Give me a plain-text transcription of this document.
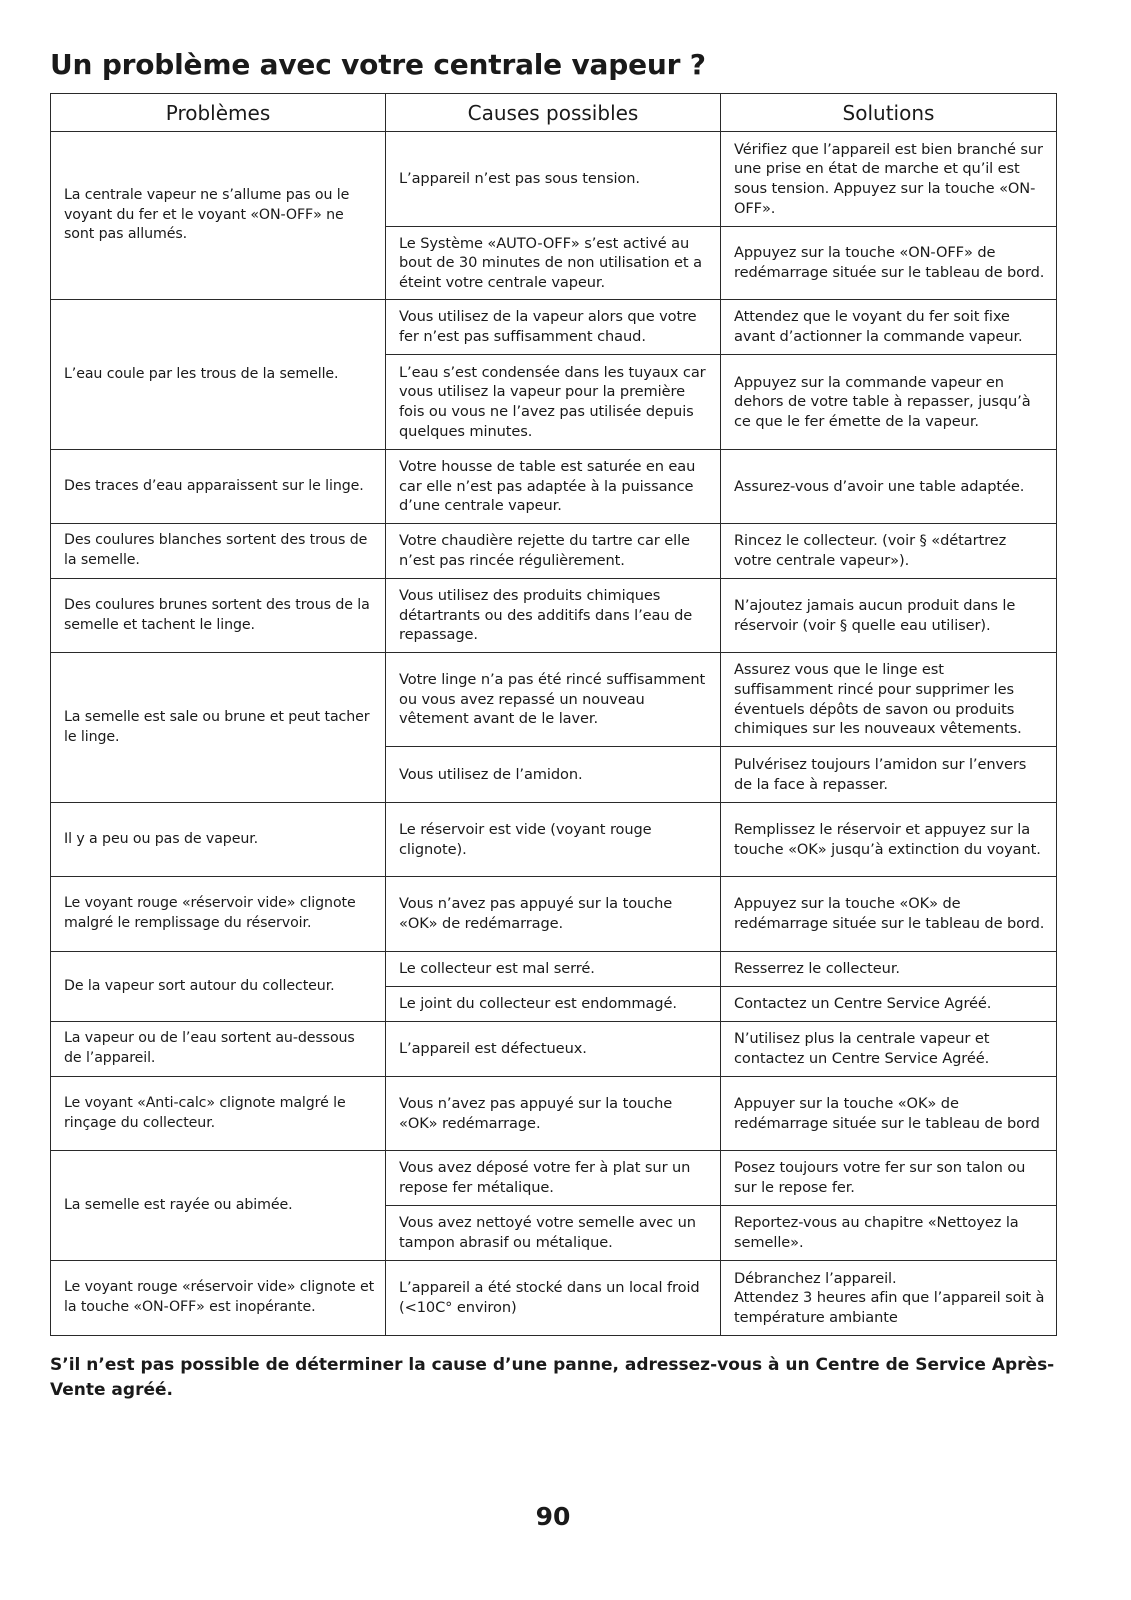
Un problème avec votre centrale vapeur ?
Problèmes	Causes possibles	Solutions
La centrale vapeur ne s’allume pas ou le voyant du fer et le voyant «ON-OFF» ne sont pas allumés.	L’appareil n’est pas sous tension.	Vérifiez que l’appareil est bien branché sur une prise en état de marche et qu’il est sous tension. Appuyez sur la touche «ON-OFF».
	Le Système «AUTO-OFF» s’est activé au bout de 30 minutes de non utilisation et a éteint votre centrale vapeur.	Appuyez sur la touche «ON-OFF» de redémarrage située sur le tableau de bord.
L’eau coule par les trous de la semelle.	Vous utilisez de la vapeur alors que votre fer n’est pas suffisamment chaud.	Attendez que le voyant du fer soit fixe avant d’actionner la commande vapeur.
	L’eau s’est condensée dans les tuyaux car vous utilisez la vapeur pour la première fois ou vous ne l’avez pas utilisée depuis quelques minutes.	Appuyez sur la commande vapeur en dehors de votre table à repasser, jusqu’à ce que le fer émette de la vapeur.
Des traces d’eau apparaissent sur le linge.	Votre housse de table est saturée en eau car elle n’est pas adaptée à la puissance d’une centrale vapeur.	Assurez-vous d’avoir une table adaptée.
Des coulures blanches sortent des trous de la semelle.	Votre chaudière rejette du tartre car elle n’est pas rincée régulièrement.	Rincez le collecteur. (voir § «détartrez votre centrale vapeur»).
Des coulures brunes sortent des trous de la semelle et tachent le linge.	Vous utilisez des produits chimiques détartrants ou des additifs dans l’eau de repassage.	N’ajoutez jamais aucun produit dans le réservoir (voir § quelle eau utiliser).
La semelle est sale ou brune et peut tacher le linge.	Votre linge n’a pas été rincé suffisamment ou vous avez repassé un nouveau vêtement avant de le laver.	Assurez vous que le linge est suffisamment rincé pour supprimer les éventuels dépôts de savon ou produits chimiques sur les nouveaux vêtements.
	Vous utilisez de l’amidon.	Pulvérisez toujours l’amidon sur l’envers de la face à repasser.
Il y a peu ou pas de vapeur.	Le réservoir est vide (voyant rouge clignote).	Remplissez le réservoir et appuyez sur la touche «OK» jusqu’à extinction du voyant.
Le voyant rouge «réservoir vide» clignote malgré le remplissage du réservoir.	Vous n’avez pas appuyé sur la touche «OK» de redémarrage.	Appuyez sur la touche «OK» de redémarrage située sur le tableau de bord.
De la vapeur sort autour du collecteur.	Le collecteur est mal serré.	Resserrez le collecteur.
	Le joint du collecteur est endommagé.	Contactez un Centre Service Agréé.
La vapeur ou de l’eau sortent au-dessous de l’appareil.	L’appareil est défectueux.	N’utilisez plus la centrale vapeur et contactez un Centre Service Agréé.
Le voyant «Anti-calc» clignote malgré le rinçage du collecteur.	Vous n’avez pas appuyé sur la touche «OK» redémarrage.	Appuyer sur la touche «OK» de redémarrage située sur le tableau de bord
La semelle est rayée ou abimée.	Vous avez déposé votre fer à plat sur un repose fer métalique.	Posez toujours votre fer sur son talon ou sur le repose fer.
	Vous avez nettoyé votre semelle avec un tampon abrasif ou métalique.	Reportez-vous au chapitre «Nettoyez la semelle».
Le voyant rouge «réservoir vide» clignote et la touche «ON-OFF» est inopérante.	L’appareil a été stocké dans un local froid (<10C° environ)	Débranchez l’appareil.
Attendez 3 heures afin que l’appareil soit à température ambiante
S’il n’est pas possible de déterminer la cause d’une panne, adressez-vous à un Centre de Service Après-Vente agréé.
90
